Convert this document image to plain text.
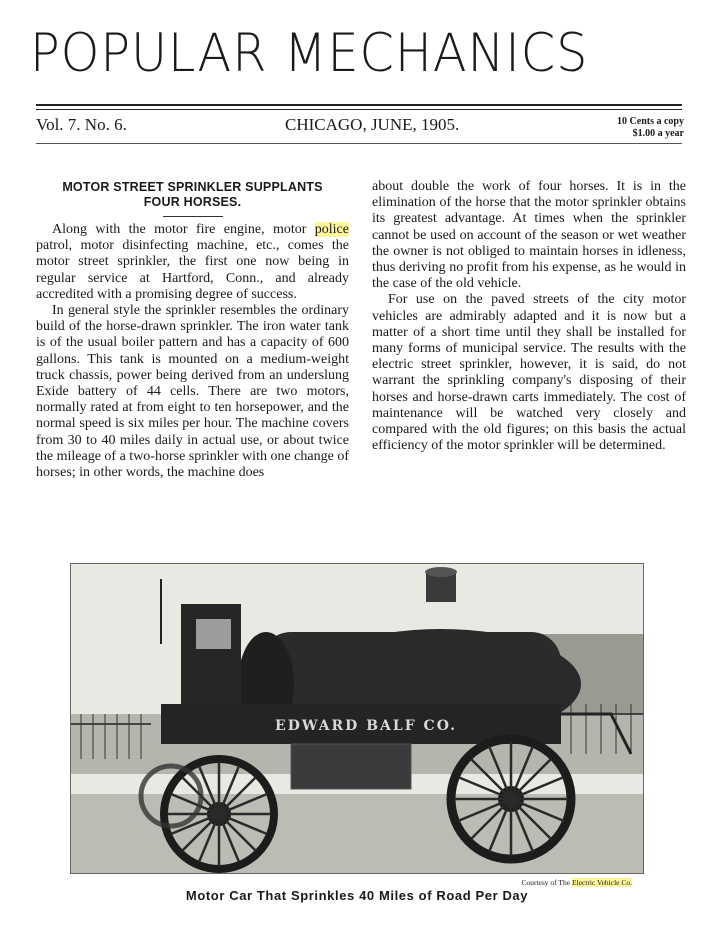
POPULAR MECHANICS
Vol. 7. No. 6.	CHICAGO, JUNE, 1905.	10 Cents a copy
$1.00 a year
MOTOR STREET SPRINKLER SUPPLANTS
FOUR HORSES.

Along with the motor fire engine, motor police patrol, motor disinfecting machine, etc., comes the motor street sprinkler, the first one now being in regular service at Hartford, Conn., and already accredited with a promising degree of success.

In general style the sprinkler resembles the ordinary build of the horse-drawn sprinkler. The iron water tank is of the usual boiler pattern and has a capacity of 600 gallons. This tank is mounted on a medium-weight truck chassis, power being derived from an underslung Exide battery of 44 cells. There are two motors, normally rated at from eight to ten horsepower, and the normal speed is six miles per hour. The machine covers from 30 to 40 miles daily in actual use, or about twice the mileage of a two-horse sprinkler with one change of horses; in other words, the machine does

about double the work of four horses. It is in the elimination of the horse that the motor sprinkler obtains its greatest advantage. At times when the sprinkler cannot be used on account of the season or wet weather the owner is not obliged to maintain horses in idleness, thus deriving no profit from his expense, as he would in the case of the old vehicle.

For use on the paved streets of the city motor vehicles are admirably adapted and it is now but a matter of a short time until they shall be installed for many forms of municipal service. The results with the electric street sprinkler, however, it is said, do not warrant the sprinkling company's disposing of their horses and horse-drawn carts immediately. The cost of maintenance will be watched very closely and compared with the old figures; on this basis the actual efficiency of the motor sprinkler will be determined.

EDWARD BALF CO.
Courtesy of The Electric Vehicle Co.
Motor Car That Sprinkles 40 Miles of Road Per Day
